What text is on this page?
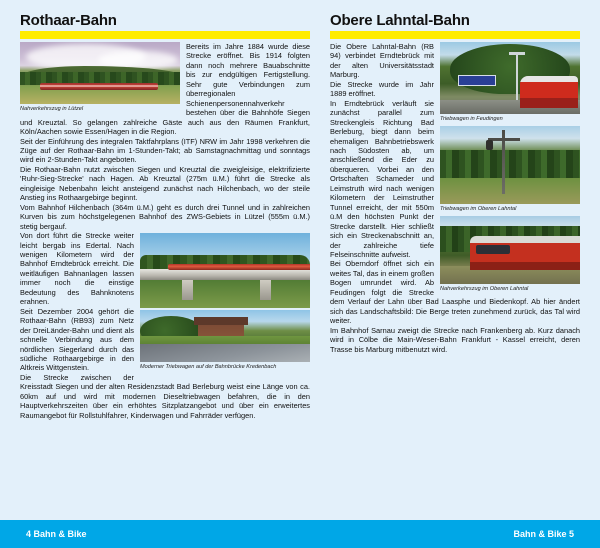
Rothaar-Bahn
Nahverkehrszug in Lützel

Bereits im Jahre 1884 wurde diese Strecke eröffnet. Bis 1914 folgten dann noch mehrere Bauabschnitte bis zur endgültigen Fertigstellung. Sehr gute Verbindungen zum überregionalen Schienenpersonennahverkehr bestehen über die Bahnhöfe Siegen und Kreuztal. So gelangen zahlreiche Gäste auch aus den Räumen Frankfurt, Köln/Aachen sowie Essen/Hagen in die Region.

Seit der Einführung des integralen Taktfahrplans (ITF) NRW im Jahr 1998 verkehren die Züge auf der Rothaar-Bahn im 1-Stunden-Takt; ab Samstagnachmittag und sonntags wird ein 2-Stunden-Takt angeboten.

Die Rothaar-Bahn nutzt zwischen Siegen und Kreuztal die zweigleisige, elektrifizierte 'Ruhr-Sieg-Strecke' nach Hagen. Ab Kreuztal (275m ü.M.) führt die Strecke als eingleisige Nebenbahn leicht ansteigend zunächst nach Hilchenbach, wo der steile Anstieg ins Rothaargebirge beginnt.

Vom Bahnhof Hilchenbach (364m ü.M.) geht es durch drei Tunnel und in zahlreichen Kurven bis zum höchstgelegenen Bahnhof des ZWS-Gebiets in Lützel (555m ü.M.) stetig bergauf.

Moderner Triebwagen auf der Bahnbrücke Kredenbach

Von dort führt die Strecke weiter leicht bergab ins Edertal. Nach wenigen Kilometern wird der Bahnhof Erndtebrück erreicht. Die weitläufigen Bahnanlagen lassen immer noch die einstige Bedeutung des Bahnknotens erahnen.

Seit Dezember 2004 gehört die Rothaar-Bahn (RB93) zum Netz der DreiLänder-Bahn und dient als schnelle Verbindung aus dem nördlichen Siegerland durch das südliche Rothaargebirge in den Altkreis Wittgenstein.

Die Strecke zwischen der Kreisstadt Siegen und der alten Residenzstadt Bad Berleburg weist eine Länge von ca. 60km auf und wird mit modernen Dieseltriebwagen befahren, die in den Hauptverkehrszeiten über ein erhöhtes Sitzplatzangebot und über ein erweitertes Raumangebot für Rollstuhlfahrer, Kinderwagen und Fahrräder verfügen.

Obere Lahntal-Bahn
Triebwagen in Feudingen
Triebwagen im Oberen Lahntal
Nahverkehrszug im Oberen Lahntal

Die Obere Lahntal-Bahn (RB 94) verbindet Erndtebrück mit der alten Universitätsstadt Marburg.

Die Strecke wurde im Jahr 1889 eröffnet.

In Erndtebrück verläuft sie zunächst parallel zum Streckengleis Richtung Bad Berleburg, biegt dann beim ehemaligen Bahnbetriebswerk nach Südosten ab, um anschließend die Eder zu überqueren. Vorbei an den Ortschaften Schameder und Leimstruth wird nach wenigen Kilometern der Leimstruther Tunnel erreicht, der mit 550m ü.M den höchsten Punkt der Strecke darstellt. Hier schließt sich ein Streckenabschnitt an, der zahlreiche tiefe Felseinschnitte aufweist.

Bei Oberndorf öffnet sich ein weites Tal, das in einem großen Bogen umrundet wird. Ab Feudingen folgt die Strecke dem Verlauf der Lahn über Bad Laasphe und Biedenkopf. Ab hier ändert sich das Landschaftsbild: Die Berge treten zunehmend zurück, das Tal wird weiter.

Im Bahnhof Sarnau zweigt die Strecke nach Frankenberg ab. Kurz danach wird in Cölbe die Main-Weser-Bahn Frankfurt - Kassel erreicht, deren Trasse bis Marburg mitbenutzt wird.

4 Bahn & Bike	Bahn & Bike 5
